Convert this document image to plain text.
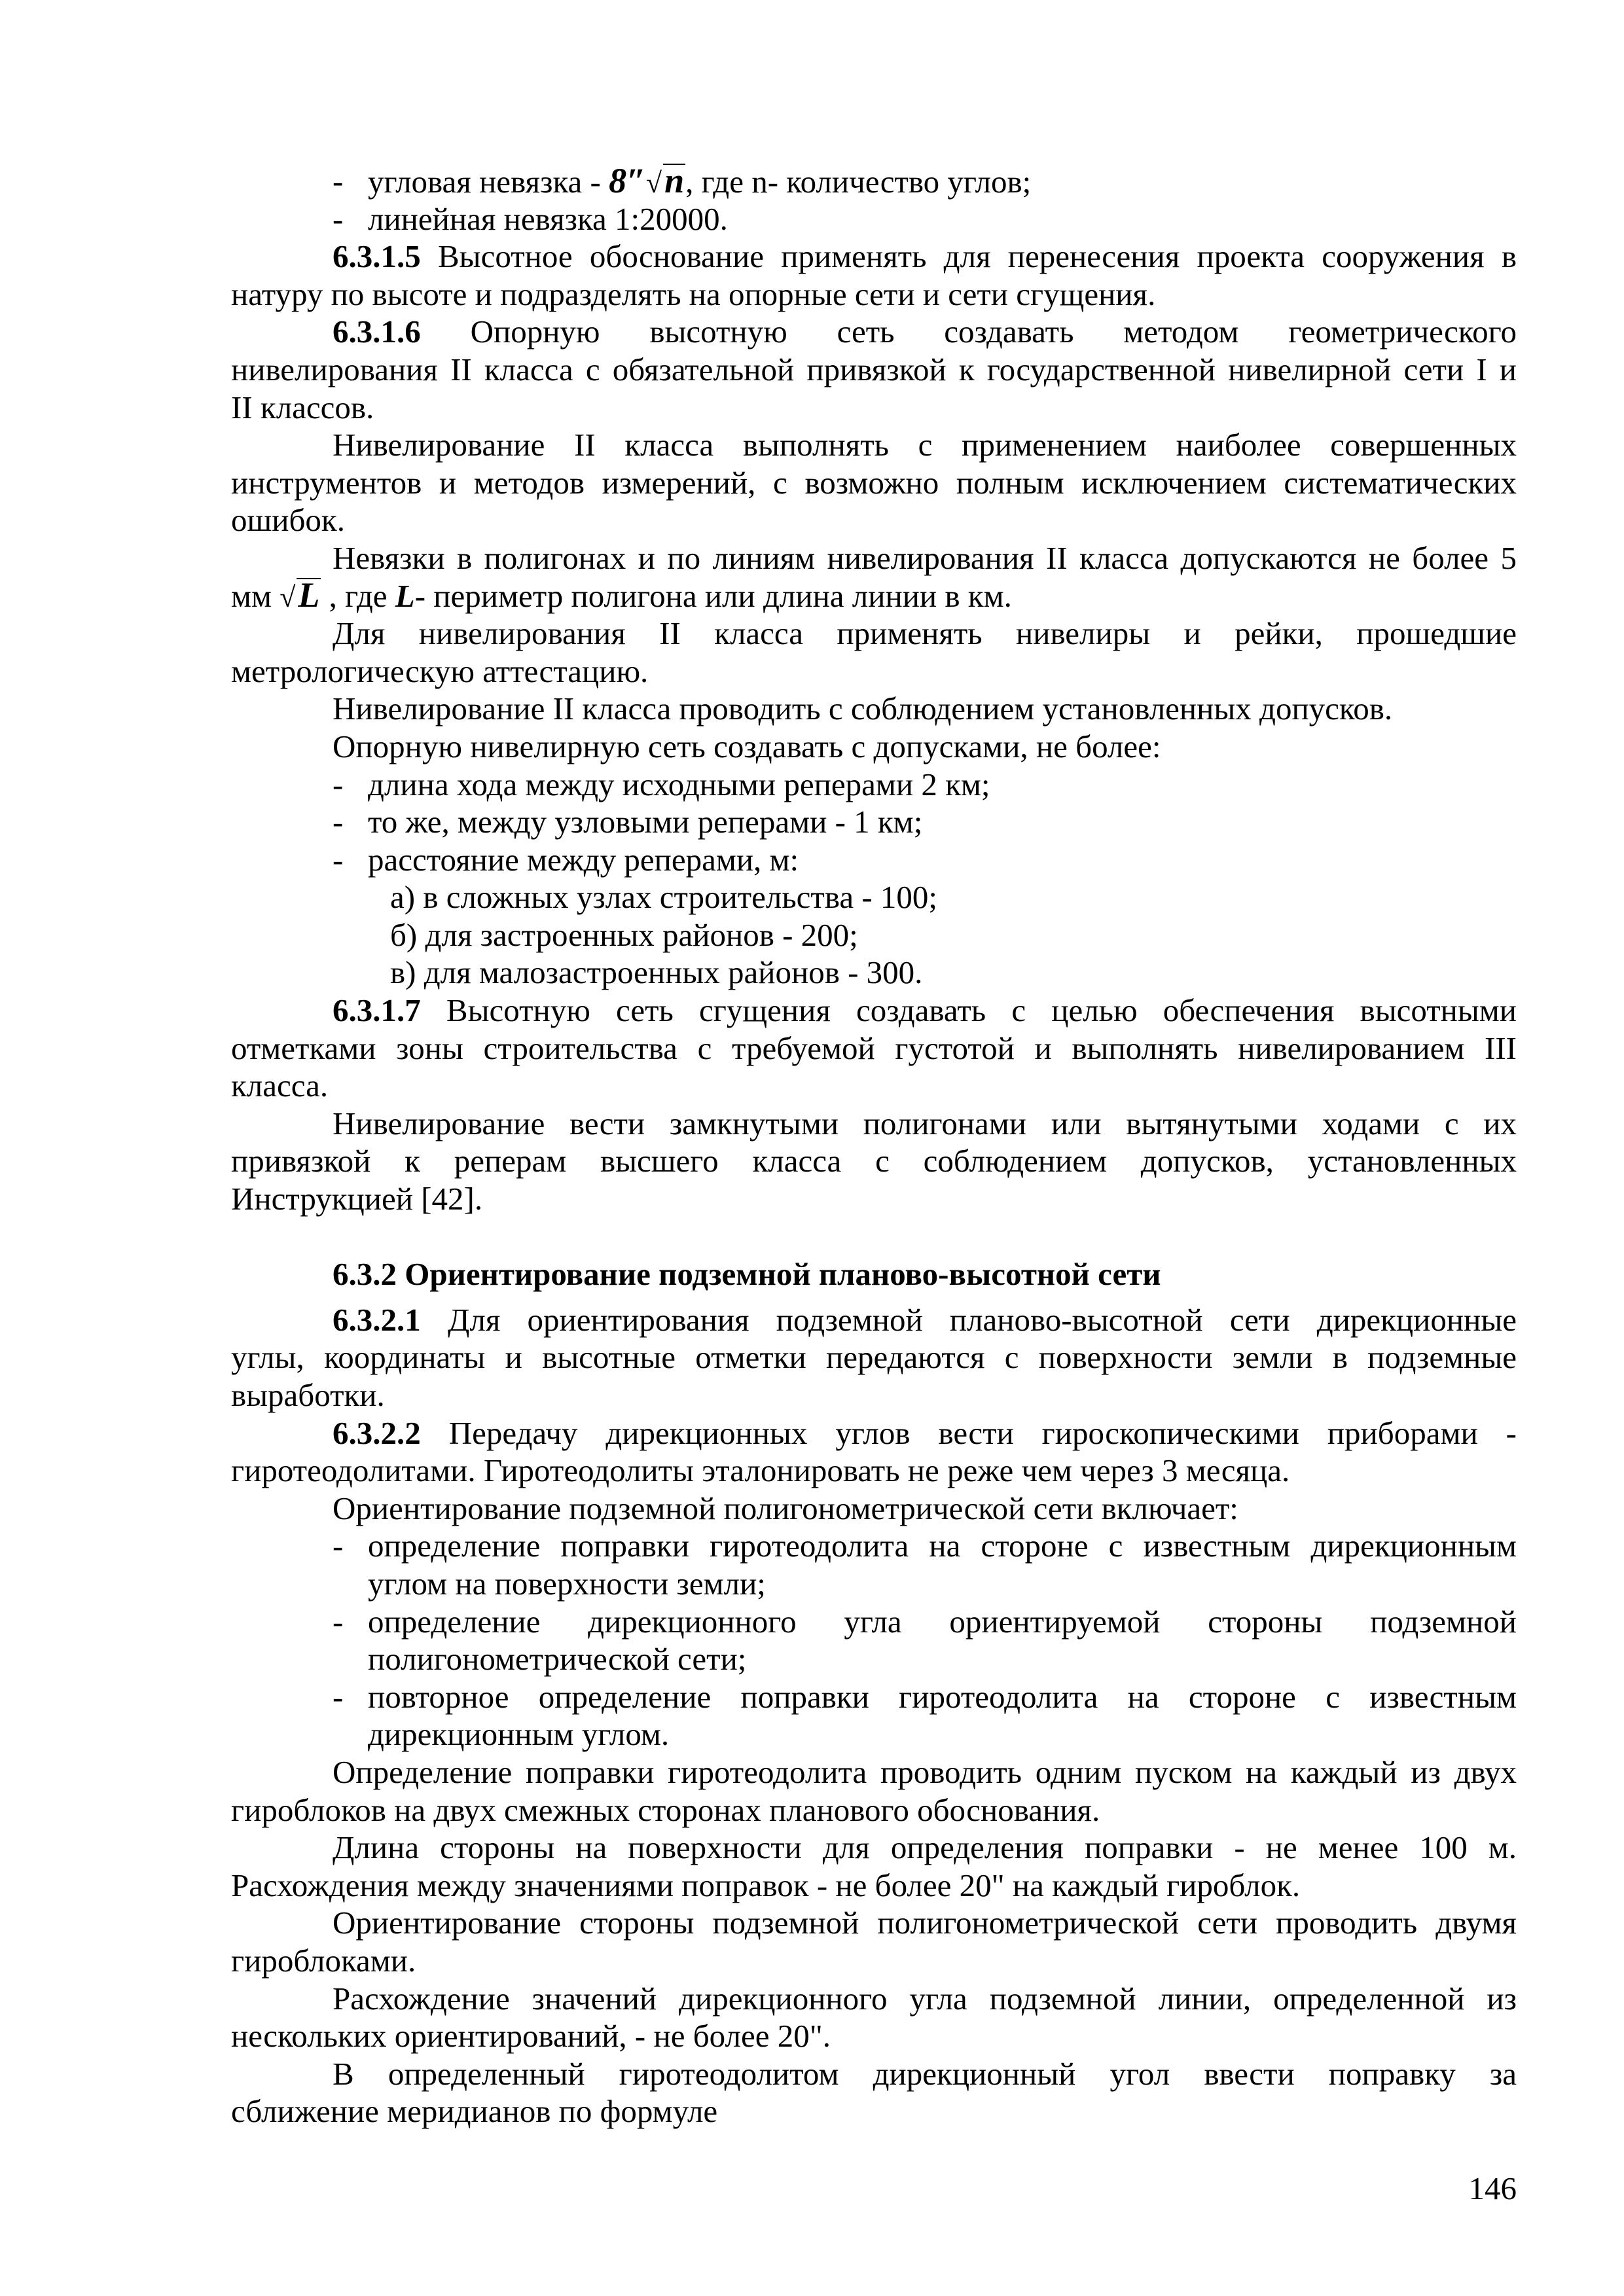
- угловая невязка - 8″√n, где n- количество углов;
- линейная невязка 1:20000.
6.3.1.5 Высотное обоснование применять для перенесения проекта сооружения в
натуру по высоте и подразделять на опорные сети и сети сгущения.
6.3.1.6 Опорную высотную сеть создавать методом геометрического
нивелирования II класса с обязательной привязкой к государственной нивелирной сети I и
II классов.
Нивелирование II класса выполнять с применением наиболее совершенных
инструментов и методов измерений, с возможно полным исключением систематических
ошибок.
Невязки в полигонах и по линиям нивелирования II класса допускаются не более 5
мм √L , где L- периметр полигона или длина линии в км.
Для нивелирования II класса применять нивелиры и рейки, прошедшие
метрологическую аттестацию.
Нивелирование II класса проводить с соблюдением установленных допусков.
Опорную нивелирную сеть создавать с допусками, не более:
- длина хода между исходными реперами 2 км;
- то же, между узловыми реперами - 1 км;
- расстояние между реперами, м:
а) в сложных узлах строительства - 100;
б) для застроенных районов - 200;
в) для малозастроенных районов - 300.
6.3.1.7 Высотную сеть сгущения создавать с целью обеспечения высотными
отметками зоны строительства с требуемой густотой и выполнять нивелированием III
класса.
Нивелирование вести замкнутыми полигонами или вытянутыми ходами с их
привязкой к реперам высшего класса с соблюдением допусков, установленных
Инструкцией [42].
6.3.2 Ориентирование подземной планово-высотной сети
6.3.2.1 Для ориентирования подземной планово-высотной сети дирекционные
углы, координаты и высотные отметки передаются с поверхности земли в подземные
выработки.
6.3.2.2 Передачу дирекционных углов вести гироскопическими приборами -
гиротеодолитами. Гиротеодолиты эталонировать не реже чем через 3 месяца.
Ориентирование подземной полигонометрической сети включает:
- определение поправки гиротеодолита на стороне с известным дирекционным
углом на поверхности земли;
- определение дирекционного угла ориентируемой стороны подземной
полигонометрической сети;
- повторное определение поправки гиротеодолита на стороне с известным
дирекционным углом.
Определение поправки гиротеодолита проводить одним пуском на каждый из двух
гироблоков на двух смежных сторонах планового обоснования.
Длина стороны на поверхности для определения поправки - не менее 100 м.
Расхождения между значениями поправок - не более 20" на каждый гироблок.
Ориентирование стороны подземной полигонометрической сети проводить двумя
гироблоками.
Расхождение значений дирекционного угла подземной линии, определенной из
нескольких ориентирований, - не более 20".
В определенный гиротеодолитом дирекционный угол ввести поправку за
сближение меридианов по формуле
146
